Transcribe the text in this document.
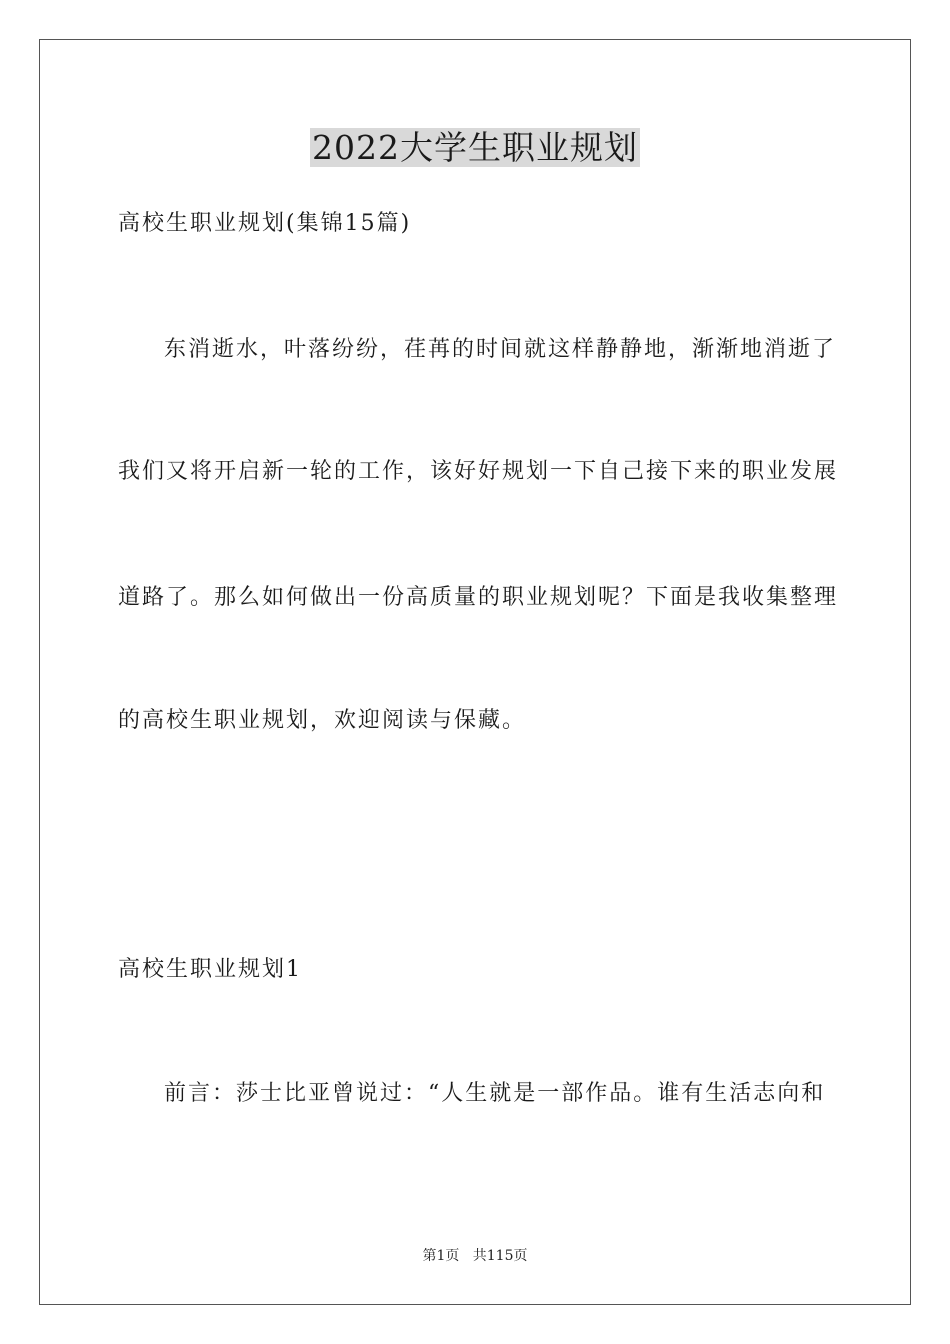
2022大学生职业规划
高校生职业规划(集锦15篇)
东消逝水，叶落纷纷，荏苒的时间就这样静静地，渐渐地消逝了
我们又将开启新一轮的工作，该好好规划一下自己接下来的职业发展
道路了。那么如何做出一份高质量的职业规划呢？下面是我收集整理
的高校生职业规划，欢迎阅读与保藏。
高校生职业规划1
前言：莎士比亚曾说过：“人生就是一部作品。谁有生活志向和
第1页   共115页
